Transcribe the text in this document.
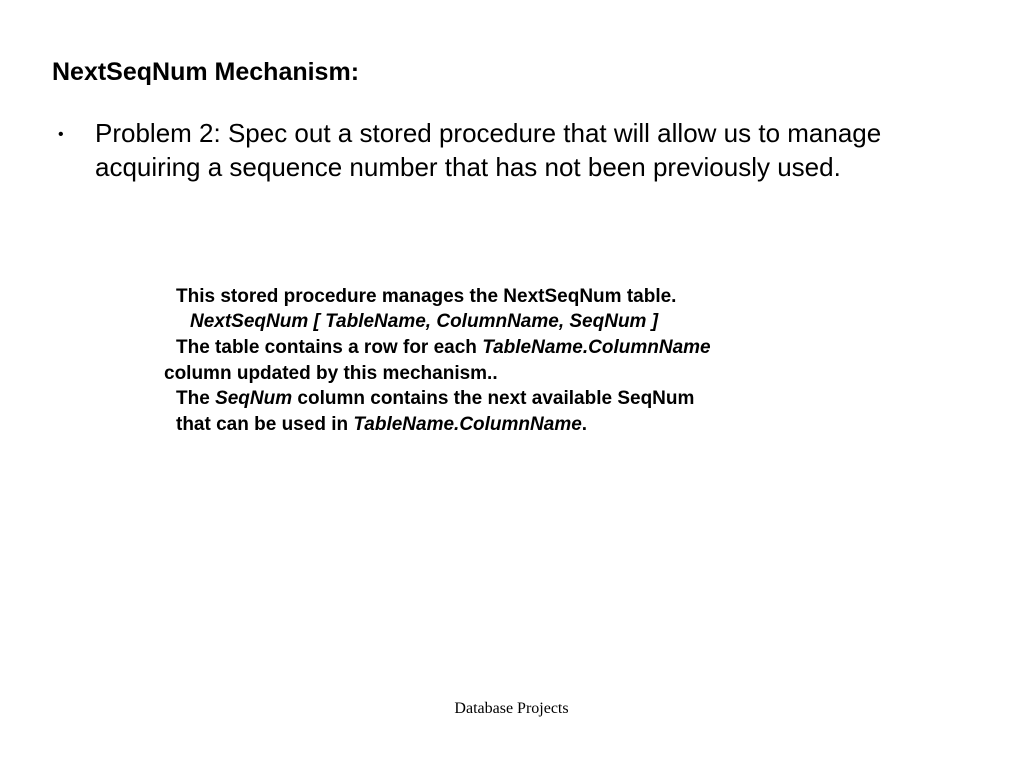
NextSeqNum Mechanism:
• Problem 2: Spec out a stored procedure that will allow us to manage acquiring a sequence number that has not been previously used.
This stored procedure manages the NextSeqNum table.
NextSeqNum [ TableName, ColumnName, SeqNum ]
The table contains a row for each TableName.ColumnName
column updated by this mechanism..
The SeqNum column contains the next available SeqNum
that can be used in TableName.ColumnName.
Database Projects
